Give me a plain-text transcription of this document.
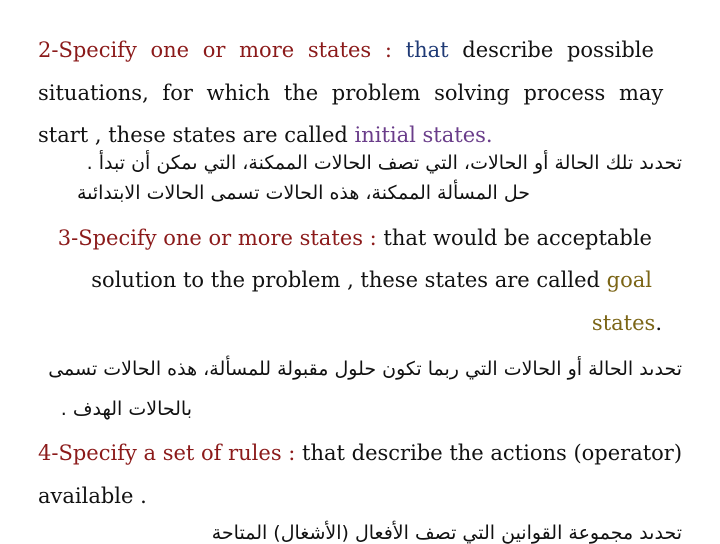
2-Specify one or more states : that describe possible
situations, for which the problem solving process may
start , these states are called initial states.
تحدىد تلك الحالة أو الحالات، التي تصف الحالات الممكنة، التي ىمكن أن تبدأ .
حل المسألة الممكنة، هذه الحالات تسمى الحالات الابتدائىة
3-Specify one or more states : that would be acceptable
solution to the problem , these states are called goal
states.
تحدىد الحالة أو الحالات التي ربما تكون حلول مقبولة للمسألة، هذه الحالات تسمى
بالحالات الهدف .
4-Specify a set of rules : that describe the actions (operator)
available .
تحدىد مجموعة القوانين التي تصف الأفعال (الأشغال) المتاحة
